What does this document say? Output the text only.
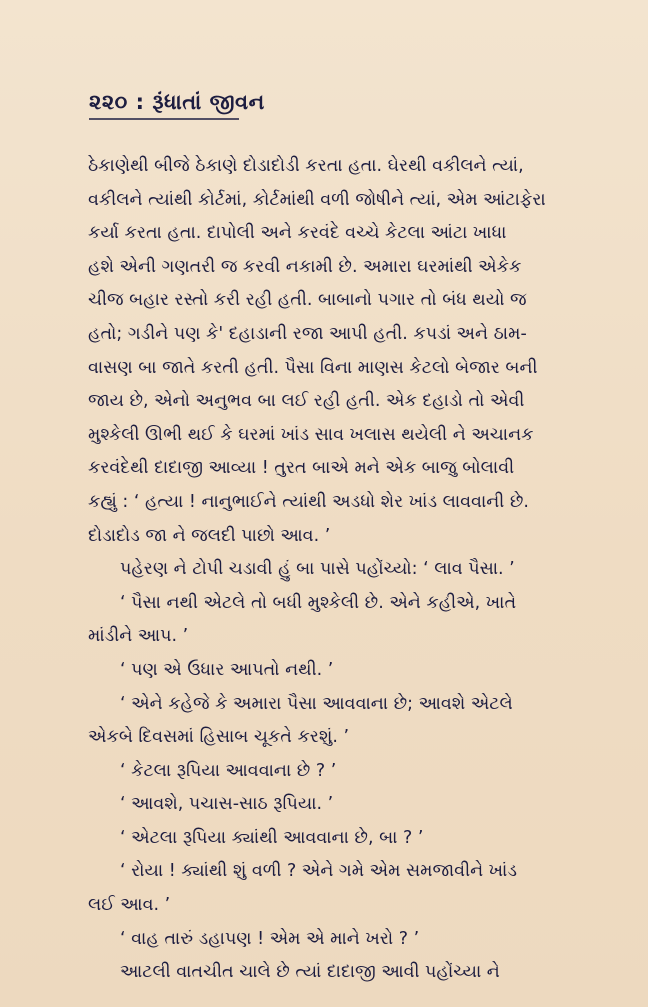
૨૨૦ : રૂંધાતાં જીવન
ઠેકાણેથી બીજે ઠેકાણે દોડાદોડી કરતા હતા. ઘેરથી વકીલને ત્યાં,
વકીલને ત્યાંથી કોર્ટમાં, કોર્ટમાંથી વળી જોષીને ત્યાં, એમ આંટાફેરા
કર્યા કરતા હતા. દાપોલી અને કરવંદે વચ્ચે કેટલા આંટા ખાધા
હશે એની ગણતરી જ કરવી નકામી છે. અમારા ઘરમાંથી એકેક
ચીજ બહાર રસ્તો કરી રહી હતી. બાબાનો પગાર તો બંધ થયો જ
હતો; ગડીને પણ કે' દહાડાની રજા આપી હતી. કપડાં અને ઠામ-
વાસણ બા જાતે કરતી હતી. પૈસા વિના માણસ કેટલો બેજાર બની
જાય છે, એનો અનુભવ બા લઈ રહી હતી. એક દહાડો તો એવી
મુશ્કેલી ઊભી થઈ કે ઘરમાં ખાંડ સાવ ખલાસ થયેલી ને અચાનક
કરવંદેથી દાદાજી આવ્યા ! તુરત બાએ મને એક બાજુ બોલાવી
કહ્યું : ‘ હત્યા ! નાનુભાઈને ત્યાંથી અડધો શેર ખાંડ લાવવાની છે.
દોડાદોડ જા ને જલદી પાછો આવ. ’
પહેરણ ને ટોપી ચડાવી હું બા પાસે પહોંચ્યો: ‘ લાવ પૈસા. ’
‘ પૈસા નથી એટલે તો બધી મુશ્કેલી છે. એને કહીએ, ખાતે
માંડીને આપ. ’
‘ પણ એ ઉધાર આપતો નથી. ’
‘ એને કહેજે કે અમારા પૈસા આવવાના છે; આવશે એટલે
એકબે દિવસમાં હિસાબ ચૂકતે કરશું. ’
‘ કેટલા રૂપિયા આવવાના છે ? ’
‘ આવશે, પચાસ-સાઠ રૂપિયા. ’
‘ એટલા રૂપિયા ક્યાંથી આવવાના છે, બા ? ’
‘ રોયા ! ક્યાંથી શું વળી ? એને ગમે એમ સમજાવીને ખાંડ
લઈ આવ. ’
‘ વાહ તારું ડહાપણ ! એમ એ માને ખરો ? ’
આટલી વાતચીત ચાલે છે ત્યાં દાદાજી આવી પહોંચ્યા ને
